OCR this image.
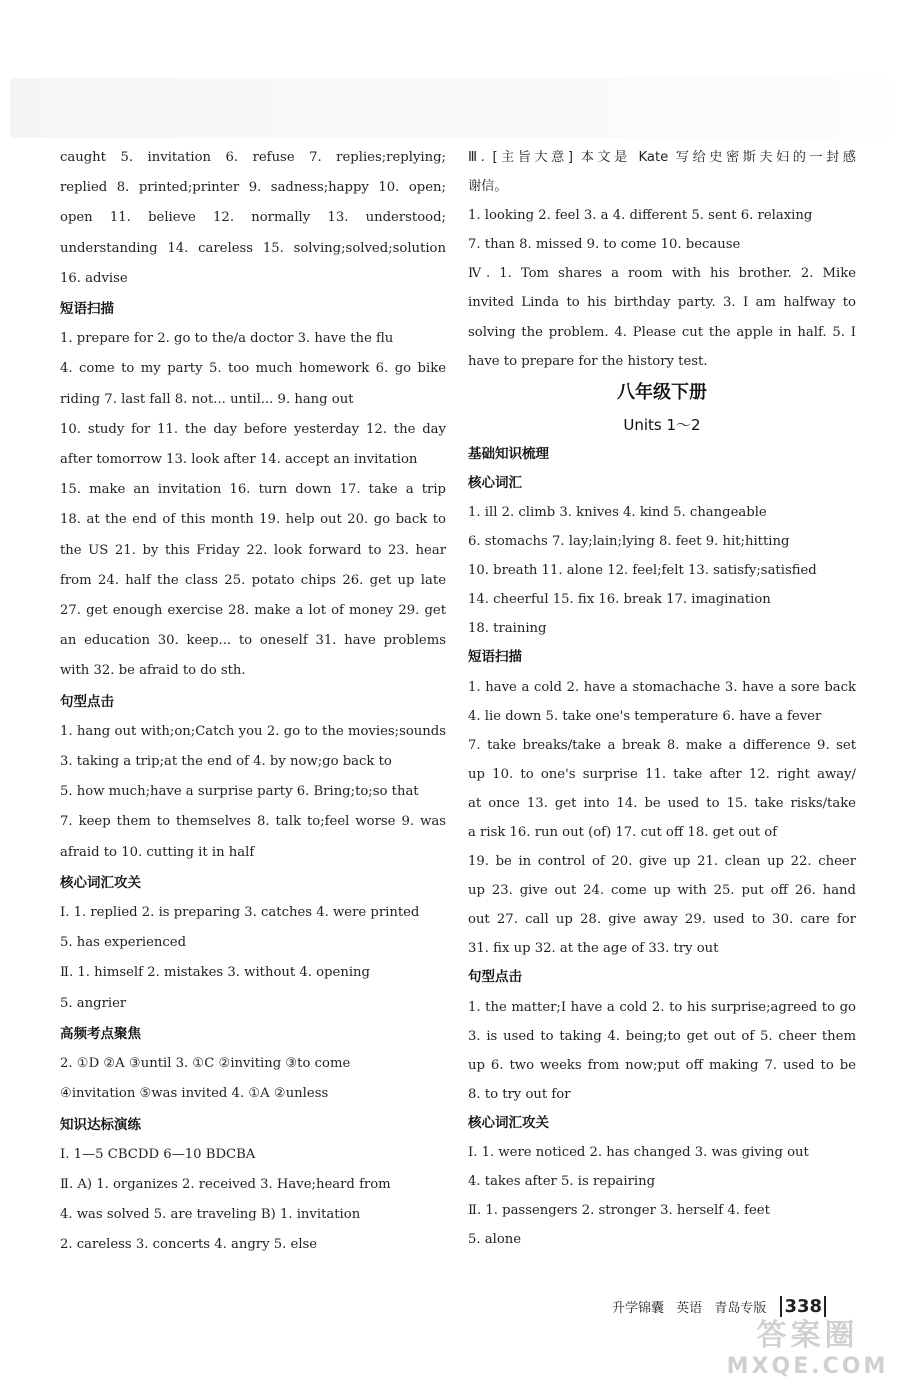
caught 5. invitation 6. refuse 7. replies;replying;
replied 8. printed;printer 9. sadness;happy 10. open;
open 11. believe 12. normally 13. understood;
understanding 14. careless 15. solving;solved;solution
16. advise
短语扫描
1. prepare for 2. go to the/a doctor 3. have the flu
4. come to my party 5. too much homework 6. go bike
riding 7. last fall 8. not... until... 9. hang out
10. study for 11. the day before yesterday 12. the day
after tomorrow 13. look after 14. accept an invitation
15. make an invitation 16. turn down 17. take a trip
18. at the end of this month 19. help out 20. go back to
the US 21. by this Friday 22. look forward to 23. hear
from 24. half the class 25. potato chips 26. get up late
27. get enough exercise 28. make a lot of money 29. get
an education 30. keep... to oneself 31. have problems
with 32. be afraid to do sth.
句型点击
1. hang out with;on;Catch you 2. go to the movies;sounds
3. taking a trip;at the end of 4. by now;go back to
5. how much;have a surprise party 6. Bring;to;so that
7. keep them to themselves 8. talk to;feel worse 9. was
afraid to 10. cutting it in half
核心词汇攻关
Ⅰ. 1. replied 2. is preparing 3. catches 4. were printed
5. has experienced
Ⅱ. 1. himself 2. mistakes 3. without 4. opening
5. angrier
高频考点聚焦
2. ①D ②A ③until 3. ①C ②inviting ③to come
④invitation ⑤was invited 4. ①A ②unless
知识达标演练
Ⅰ. 1—5 CBCDD 6—10 BDCBA
Ⅱ. A) 1. organizes 2. received 3. Have;heard from
4. was solved 5. are traveling B) 1. invitation
2. careless 3. concerts 4. angry 5. else
Ⅲ. [主旨大意] 本文是 Kate 写给史密斯夫妇的一封感
谢信。
1. looking 2. feel 3. a 4. different 5. sent 6. relaxing
7. than 8. missed 9. to come 10. because
Ⅳ. 1. Tom shares a room with his brother. 2. Mike
invited Linda to his birthday party. 3. I am halfway to
solving the problem. 4. Please cut the apple in half. 5. I
have to prepare for the history test.
八年级下册
Units 1～2
基础知识梳理
核心词汇
1. ill 2. climb 3. knives 4. kind 5. changeable
6. stomachs 7. lay;lain;lying 8. feet 9. hit;hitting
10. breath 11. alone 12. feel;felt 13. satisfy;satisfied
14. cheerful 15. fix 16. break 17. imagination
18. training
短语扫描
1. have a cold 2. have a stomachache 3. have a sore back
4. lie down 5. take one's temperature 6. have a fever
7. take breaks/take a break 8. make a difference 9. set
up 10. to one's surprise 11. take after 12. right away/
at once 13. get into 14. be used to 15. take risks/take
a risk 16. run out (of) 17. cut off 18. get out of
19. be in control of 20. give up 21. clean up 22. cheer
up 23. give out 24. come up with 25. put off 26. hand
out 27. call up 28. give away 29. used to 30. care for
31. fix up 32. at the age of 33. try out
句型点击
1. the matter;I have a cold 2. to his surprise;agreed to go
3. is used to taking 4. being;to get out of 5. cheer them
up 6. two weeks from now;put off making 7. used to be
8. to try out for
核心词汇攻关
Ⅰ. 1. were noticed 2. has changed 3. was giving out
4. takes after 5. is repairing
Ⅱ. 1. passengers 2. stronger 3. herself 4. feet
5. alone
升学锦囊 英语 青岛专版 338
答案圈
MXQE.COM
